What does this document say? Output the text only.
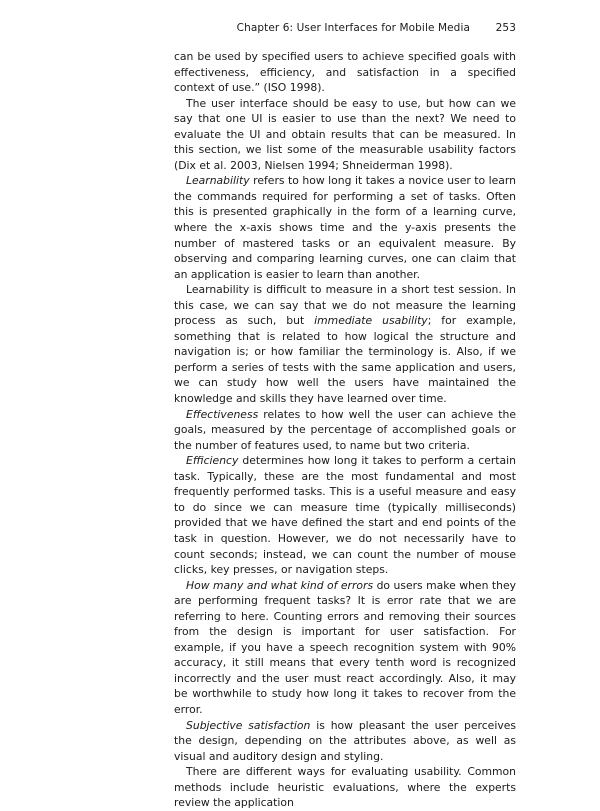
Chapter 6: User Interfaces for Mobile Media 253

can be used by specified users to achieve specified goals with effectiveness, efficiency, and satisfaction in a specified context of use.” (ISO 1998).

The user interface should be easy to use, but how can we say that one UI is easier to use than the next? We need to evaluate the UI and obtain results that can be measured. In this section, we list some of the measurable usability factors (Dix et al. 2003, Nielsen 1994; Shneiderman 1998).

Learnability refers to how long it takes a novice user to learn the commands required for performing a set of tasks. Often this is presented graphically in the form of a learning curve, where the x-axis shows time and the y-axis presents the number of mastered tasks or an equivalent measure. By observing and comparing learning curves, one can claim that an application is easier to learn than another.

Learnability is difficult to measure in a short test session. In this case, we can say that we do not measure the learning process as such, but immediate usability; for example, something that is related to how logical the structure and navigation is; or how familiar the terminology is. Also, if we perform a series of tests with the same application and users, we can study how well the users have maintained the knowledge and skills they have learned over time.

Effectiveness relates to how well the user can achieve the goals, measured by the percentage of accomplished goals or the number of features used, to name but two criteria.

Efficiency determines how long it takes to perform a certain task. Typically, these are the most fundamental and most frequently performed tasks. This is a useful measure and easy to do since we can measure time (typically milliseconds) provided that we have defined the start and end points of the task in question. However, we do not necessarily have to count seconds; instead, we can count the number of mouse clicks, key presses, or navigation steps.

How many and what kind of errors do users make when they are performing frequent tasks? It is error rate that we are referring to here. Counting errors and removing their sources from the design is important for user satisfaction. For example, if you have a speech recognition system with 90% accuracy, it still means that every tenth word is recognized incorrectly and the user must react accordingly. Also, it may be worthwhile to study how long it takes to recover from the error.

Subjective satisfaction is how pleasant the user perceives the design, depending on the attributes above, as well as visual and auditory design and styling.

There are different ways for evaluating usability. Common methods include heuristic evaluations, where the experts review the application
